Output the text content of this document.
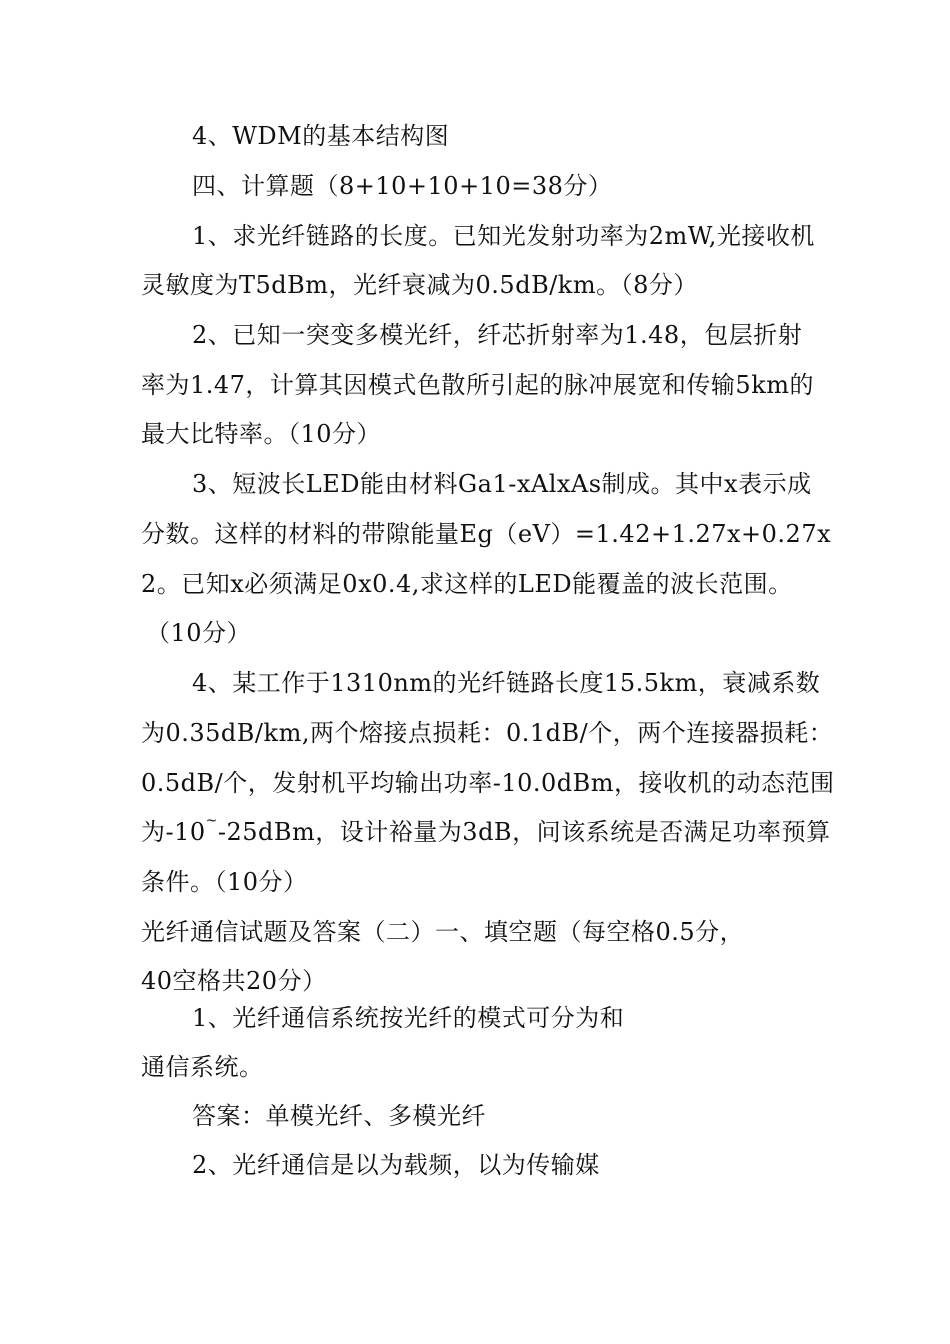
4、WDM的基本结构图
四、计算题（8+10+10+10=38分）
1、求光纤链路的长度。已知光发射功率为2mW,光接收机
灵敏度为T5dBm，光纤衰减为0.5dB/km。（8分）
2、已知一突变多模光纤，纤芯折射率为1.48，包层折射
率为1.47，计算其因模式色散所引起的脉冲展宽和传输5km的
最大比特率。（10分）
3、短波长LED能由材料Ga1-xAlxAs制成。其中x表示成
分数。这样的材料的带隙能量Eg（eV）=1.42+1.27x+0.27x
2。已知x必须满足0x0.4,求这样的LED能覆盖的波长范围。
（10分）
4、某工作于1310nm的光纤链路长度15.5km，衰减系数
为0.35dB/km,两个熔接点损耗：0.1dB/个，两个连接器损耗：
0.5dB/个，发射机平均输出功率-10.0dBm，接收机的动态范围
为-10~-25dBm，设计裕量为3dB，问该系统是否满足功率预算
条件。（10分）
光纤通信试题及答案（二）一、填空题（每空格0.5分，
40空格共20分）
1、光纤通信系统按光纤的模式可分为和
通信系统。
答案：单模光纤、多模光纤
2、光纤通信是以为载频，以为传输媒
